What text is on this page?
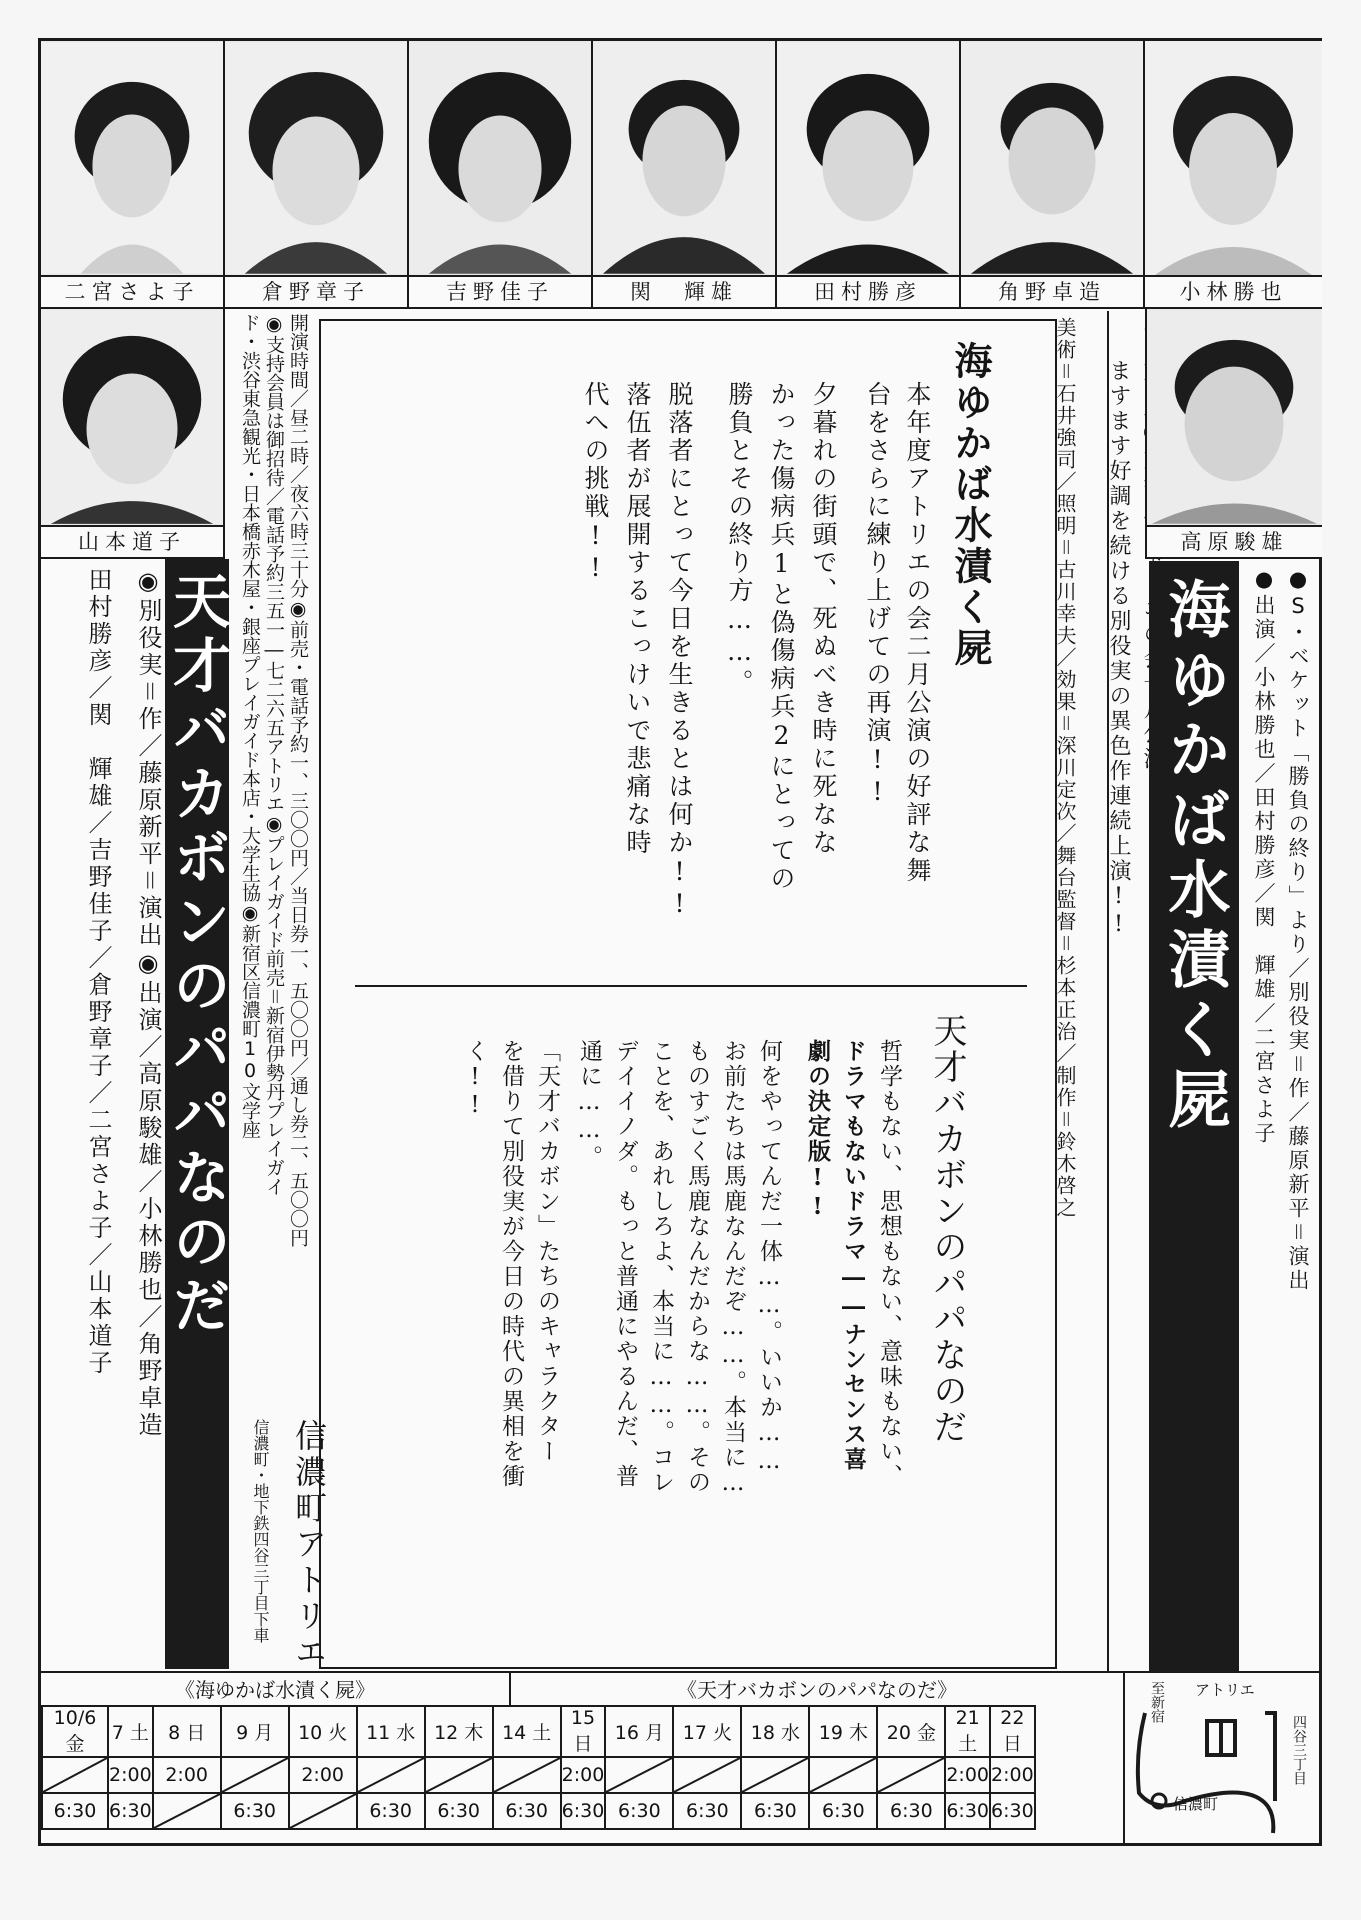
二宮さよ子	倉野章子	吉野佳子	関　輝雄	田村勝彦	角野卓造	小林勝也
山本道子
◉別役実＝作／藤原新平＝演出◉出演／高原駿雄／小林勝也／角野卓造
田村勝彦／関　輝雄／吉野佳子／倉野章子／二宮さよ子／山本道子 天才バカボンのパパなのだ	開演時間／昼二時／夜六時三十分◉前売・電話予約一、三〇〇円／当日券一、五〇〇円／通し券二、五〇〇円
◉支持会員は御招待／電話予約三五一―七二六五アトリエ◉プレイガイド前売＝新宿伊勢丹プレイガイ
ド・渋谷東急観光・日本橋赤木屋・銀座プレイガイド本店・大学生協◉新宿区信濃町10文学座
信濃町アトリエ
信濃町・地下鉄四谷三丁目下車
海ゆかば水漬く屍
本年度アトリエの会二月公演の好評な舞
台をさらに練り上げての再演!!
夕暮れの街頭で、死ぬべき時に死なな
かった傷病兵1と偽傷病兵2にとっての
勝負とその終り方……。
脱落者にとって今日を生きるとは何か!!
落伍者が展開するこっけいで悲痛な時
代への挑戦!!
天才バカボンのパパなのだ
哲学もない、思想もない、意味もない、
ドラマもないドラマ――ナンセンス喜
劇の決定版!!
何をやってんだ一体……。いいか……
お前たちは馬鹿なんだぞ……。本当に…
ものすごく馬鹿なんだからな……。その
ことを、あれしろよ、本当に……。コレ
デイイノダ。もっと普通にやるんだ、普
通に……。
「天才バカボン」たちのキャラクター
を借りて別役実が今日の時代の異相を衝
く!!	美術＝石井強司／照明＝古川幸夫／効果＝深川定次／舞台監督＝杉本正治／制作＝鈴木啓之 ますます好調を続ける別役実の異色作連続上演!!	高原駿雄
海ゆかば水漬く屍	●S・ベケット「勝負の終り」より／別役実＝作／藤原新平＝演出
●出演／小林勝也／田村勝彦／関　輝雄／二宮さよ子
《海ゆかば水漬く屍》	《天才バカボンのパパなのだ》
10/6 金	7 土	8 日	9 月	10 火	11 水	12 木	14 土	15 日	16 月	17 火	18 水	19 木	20 金	21 土	22 日

	2:00	2:00		2:00				2:00						2:00	2:00
6:30	6:30		6:30		6:30	6:30	6:30	6:30	6:30	6:30	6:30	6:30	6:30	6:30	6:30
至新宿 アトリエ
四谷三丁目
信濃町
